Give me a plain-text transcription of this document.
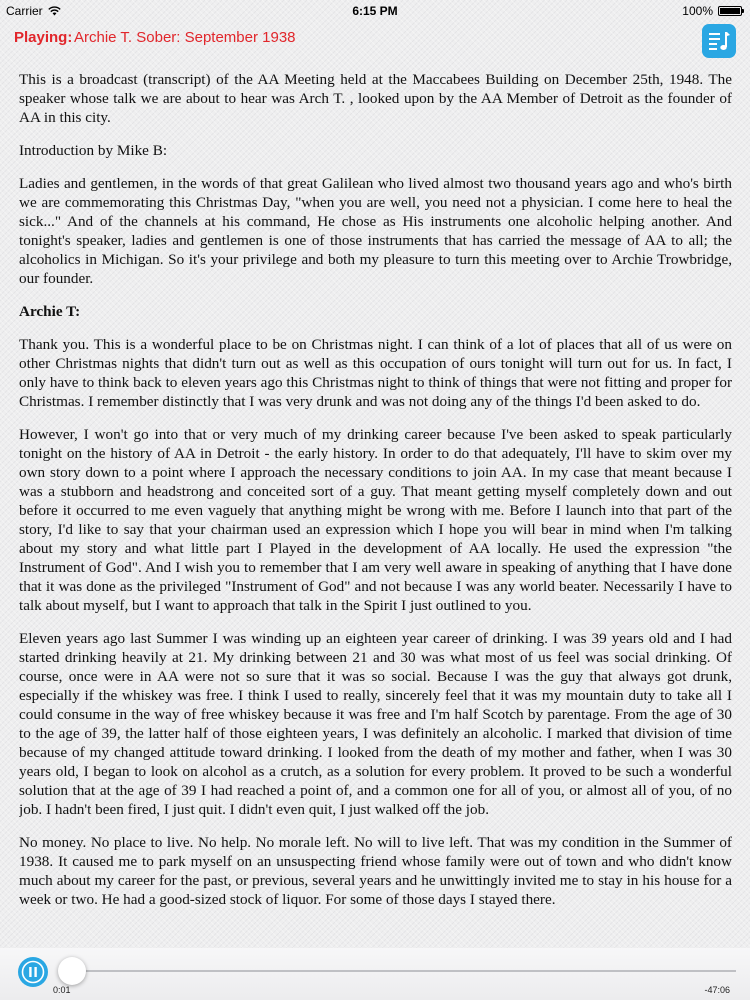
Carrier	6:15 PM	100%
Playing: Archie T. Sober: September 1938

This is a broadcast (transcript) of the AA Meeting held at the Maccabees Building on December 25th, 1948. The speaker whose talk we are about to hear was Arch T. , looked upon by the AA Member of Detroit as the founder of AA in this city.

Introduction by Mike B:

Ladies and gentlemen, in the words of that great Galilean who lived almost two thousand years ago and who's birth we are commemorating this Christmas Day, "when you are well, you need not a physician. I come here to heal the sick..." And of the channels at his command, He chose as His instruments one alcoholic helping another. And tonight's speaker, ladies and gentlemen is one of those instruments that has carried the message of AA to all; the alcoholics in Michigan. So it's your privilege and both my pleasure to turn this meeting over to Archie Trowbridge, our founder.

Archie T:

Thank you. This is a wonderful place to be on Christmas night. I can think of a lot of places that all of us were on other Christmas nights that didn't turn out as well as this occupation of ours tonight will turn out for us. In fact, I only have to think back to eleven years ago this Christmas night to think of things that were not fitting and proper for Christmas. I remember distinctly that I was very drunk and was not doing any of the things I'd been asked to do.

However, I won't go into that or very much of my drinking career because I've been asked to speak particularly tonight on the history of AA in Detroit - the early history. In order to do that adequately, I'll have to skim over my own story down to a point where I approach the necessary conditions to join AA. In my case that meant because I was a stubborn and headstrong and conceited sort of a guy. That meant getting myself completely down and out before it occurred to me even vaguely that anything might be wrong with me. Before I launch into that part of the story, I'd like to say that your chairman used an expression which I hope you will bear in mind when I'm talking about my story and what little part I Played in the development of AA locally. He used the expression "the Instrument of God". And I wish you to remember that I am very well aware in speaking of anything that I have done that it was done as the privileged "Instrument of God" and not because I was any world beater. Necessarily I have to talk about myself, but I want to approach that talk in the Spirit I just outlined to you.

Eleven years ago last Summer I was winding up an eighteen year career of drinking. I was 39 years old and I had started drinking heavily at 21. My drinking between 21 and 30 was what most of us feel was social drinking. Of course, once were in AA were not so sure that it was so social. Because I was the guy that always got drunk, especially if the whiskey was free. I think I used to really, sincerely feel that it was my mountain duty to take all I could consume in the way of free whiskey because it was free and I'm half Scotch by parentage. From the age of 30 to the age of 39, the latter half of those eighteen years, I was definitely an alcoholic. I marked that division of time because of my changed attitude toward drinking. I looked from the death of my mother and father, when I was 30 years old, I began to look on alcohol as a crutch, as a solution for every problem. It proved to be such a wonderful solution that at the age of 39 I had reached a point of, and a common one for all of you, or almost all of you, of no job. I hadn't been fired, I just quit. I didn't even quit, I just walked off the job.

No money. No place to live. No help. No morale left. No will to live left. That was my condition in the Summer of 1938. It caused me to park myself on an unsuspecting friend whose family were out of town and who didn't know much about my career for the past, or previous, several years and he unwittingly invited me to stay in his house for a week or two. He had a good-sized stock of liquor. For some of those days I stayed there.

0:01	-47:06
